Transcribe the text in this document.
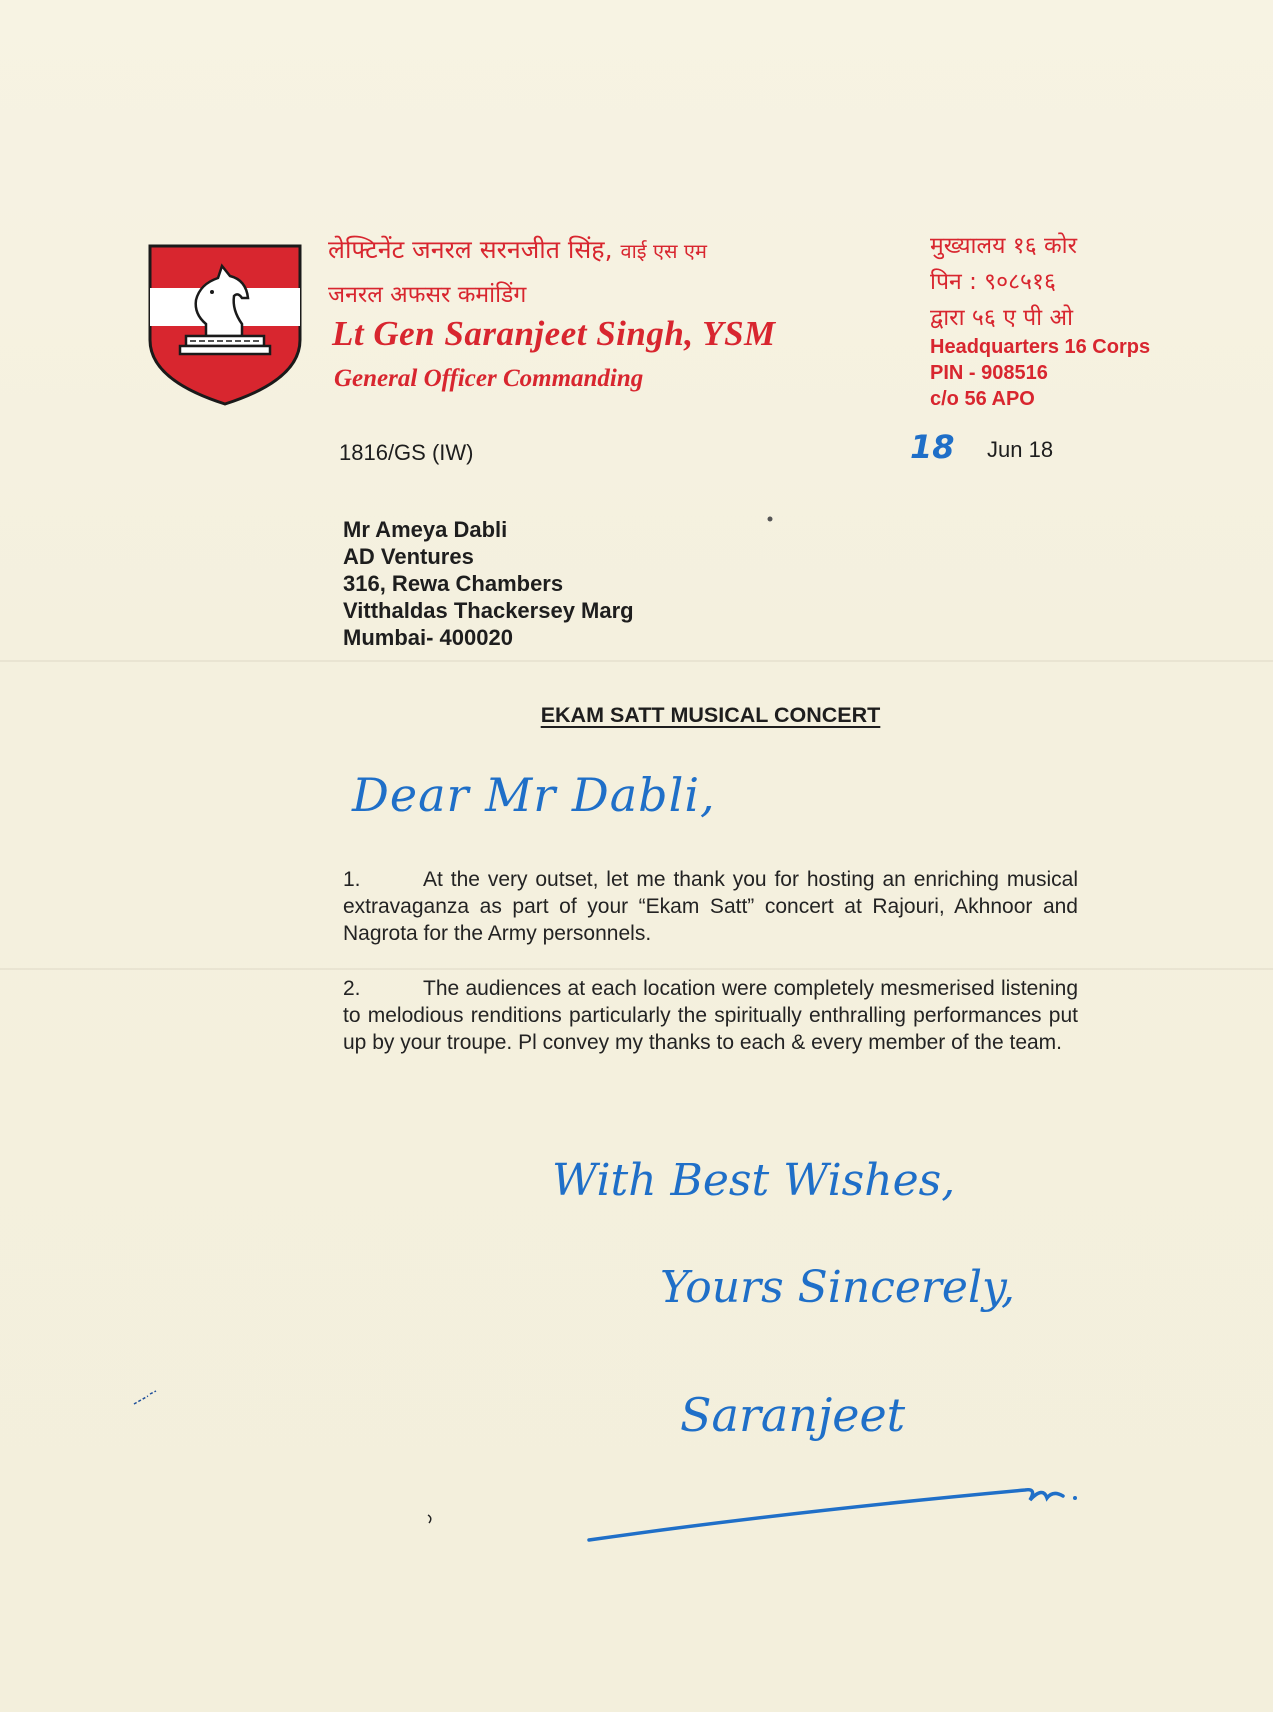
लेफ्टिनेंट जनरल सरनजीत सिंह, वाई एस एम
जनरल अफसर कमांडिंग
Lt Gen Saranjeet Singh, YSM
General Officer Commanding
मुख्यालय १६ कोर
पिन : ९०८५१६
द्वारा ५६ ए पी ओ
Headquarters 16 Corps
PIN - 908516
c/o 56 APO
1816/GS (IW)	18 Jun 18
Mr Ameya Dabli
AD Ventures
316, Rewa Chambers
Vitthaldas Thackersey Marg
Mumbai- 400020
EKAM SATT MUSICAL CONCERT
Dear Mr Dabli,
1.	At the very outset, let me thank you for hosting an enriching musical extravaganza as part of your “Ekam Satt” concert at Rajouri, Akhnoor and Nagrota for the Army personnels.
2.	The audiences at each location were completely mesmerised listening to melodious renditions particularly the spiritually enthralling performances put up by your troupe. Pl convey my thanks to each & every member of the team.
With Best Wishes,
Yours Sincerely,
Saranjeet
